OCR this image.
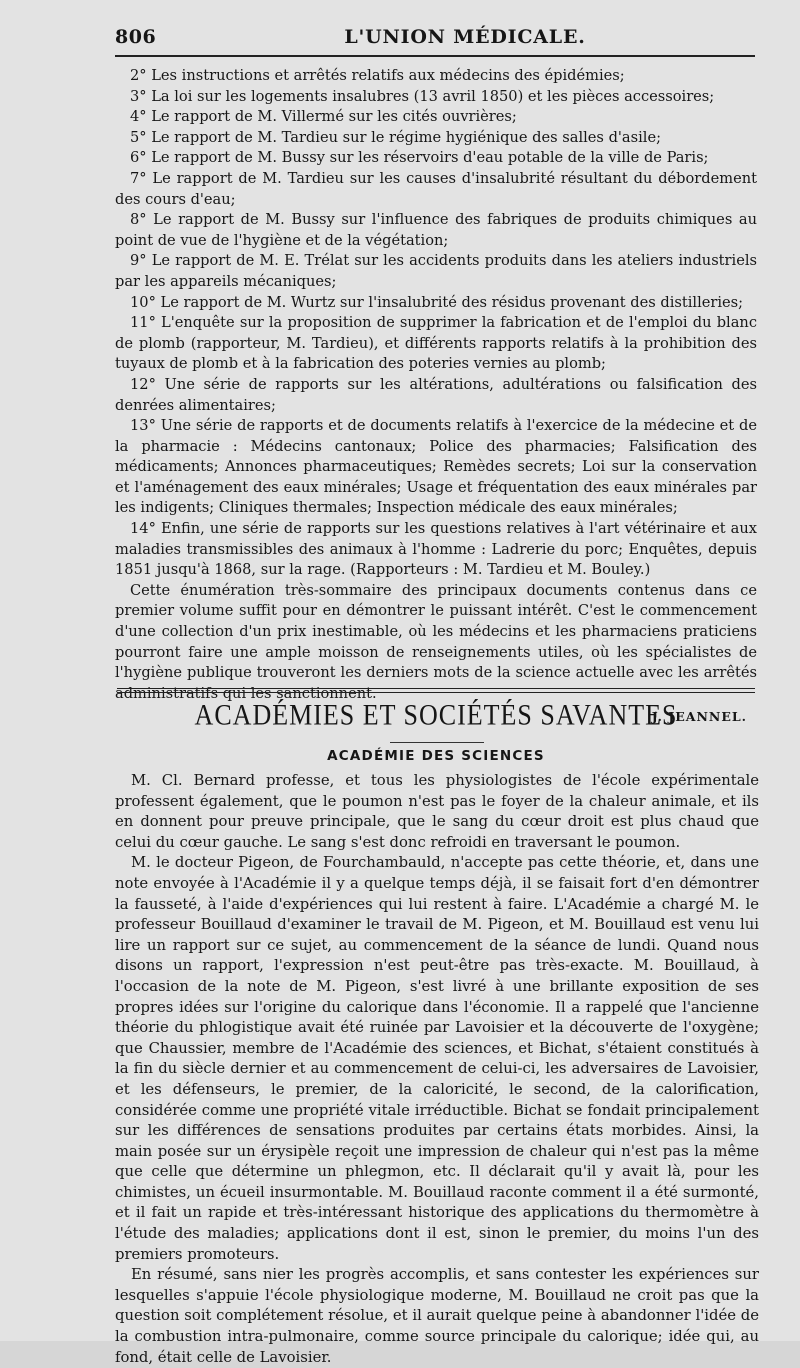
806	L'UNION MÉDICALE.

2° Les instructions et arrêtés relatifs aux médecins des épidémies;

3° La loi sur les logements insalubres (13 avril 1850) et les pièces accessoires;

4° Le rapport de M. Villermé sur les cités ouvrières;

5° Le rapport de M. Tardieu sur le régime hygiénique des salles d'asile;

6° Le rapport de M. Bussy sur les réservoirs d'eau potable de la ville de Paris;

7° Le rapport de M. Tardieu sur les causes d'insalubrité résultant du débordement des cours d'eau;

8° Le rapport de M. Bussy sur l'influence des fabriques de produits chimiques au point de vue de l'hygiène et de la végétation;

9° Le rapport de M. E. Trélat sur les accidents produits dans les ateliers industriels par les appareils mécaniques;

10° Le rapport de M. Wurtz sur l'insalubrité des résidus provenant des distilleries;

11° L'enquête sur la proposition de supprimer la fabrication et de l'emploi du blanc de plomb (rapporteur, M. Tardieu), et différents rapports relatifs à la prohibition des tuyaux de plomb et à la fabrication des poteries vernies au plomb;

12° Une série de rapports sur les altérations, adultérations ou falsification des denrées alimentaires;

13° Une série de rapports et de documents relatifs à l'exercice de la médecine et de la pharmacie : Médecins cantonaux; Police des pharmacies; Falsification des médicaments; Annonces pharmaceutiques; Remèdes secrets; Loi sur la conservation et l'aménagement des eaux minérales; Usage et fréquentation des eaux minérales par les indigents; Cliniques thermales; Inspection médicale des eaux minérales;

14° Enfin, une série de rapports sur les questions relatives à l'art vétérinaire et aux maladies transmissibles des animaux à l'homme : Ladrerie du porc; Enquêtes, depuis 1851 jusqu'à 1868, sur la rage. (Rapporteurs : M. Tardieu et M. Bouley.)

Cette énumération très-sommaire des principaux documents contenus dans ce premier volume suffit pour en démontrer le puissant intérêt. C'est le commencement d'une collection d'un prix inestimable, où les médecins et les pharmaciens praticiens pourront faire une ample moisson de renseignements utiles, où les spécialistes de l'hygiène publique trouveront les derniers mots de la science actuelle avec les arrêtés administratifs qui les sanctionnent.

J. JEANNEL.
ACADÉMIES ET SOCIÉTÉS SAVANTES
ACADÉMIE DES SCIENCES

M. Cl. Bernard professe, et tous les physiologistes de l'école expérimentale professent également, que le poumon n'est pas le foyer de la chaleur animale, et ils en donnent pour preuve principale, que le sang du cœur droit est plus chaud que celui du cœur gauche. Le sang s'est donc refroidi en traversant le poumon.

M. le docteur Pigeon, de Fourchambauld, n'accepte pas cette théorie, et, dans une note envoyée à l'Académie il y a quelque temps déjà, il se faisait fort d'en démontrer la fausseté, à l'aide d'expériences qui lui restent à faire. L'Académie a chargé M. le professeur Bouillaud d'examiner le travail de M. Pigeon, et M. Bouillaud est venu lui lire un rapport sur ce sujet, au commencement de la séance de lundi. Quand nous disons un rapport, l'expression n'est peut-être pas très-exacte. M. Bouillaud, à l'occasion de la note de M. Pigeon, s'est livré à une brillante exposition de ses propres idées sur l'origine du calorique dans l'économie. Il a rappelé que l'ancienne théorie du phlogistique avait été ruinée par Lavoisier et la découverte de l'oxygène; que Chaussier, membre de l'Académie des sciences, et Bichat, s'étaient constitués à la fin du siècle dernier et au commencement de celui-ci, les adversaires de Lavoisier, et les défenseurs, le premier, de la caloricité, le second, de la calorification, considérée comme une propriété vitale irréductible. Bichat se fondait principalement sur les différences de sensations produites par certains états morbides. Ainsi, la main posée sur un érysipèle reçoit une impression de chaleur qui n'est pas la même que celle que détermine un phlegmon, etc. Il déclarait qu'il y avait là, pour les chimistes, un écueil insurmontable. M. Bouillaud raconte comment il a été surmonté, et il fait un rapide et très-intéressant historique des applications du thermomètre à l'étude des maladies; applications dont il est, sinon le premier, du moins l'un des premiers promoteurs.

En résumé, sans nier les progrès accomplis, et sans contester les expériences sur lesquelles s'appuie l'école physiologique moderne, M. Bouillaud ne croit pas que la question soit complétement résolue, et il aurait quelque peine à abandonner l'idée de la combustion intra-pulmonaire, comme source principale du calorique; idée qui, au fond, était celle de Lavoisier.
